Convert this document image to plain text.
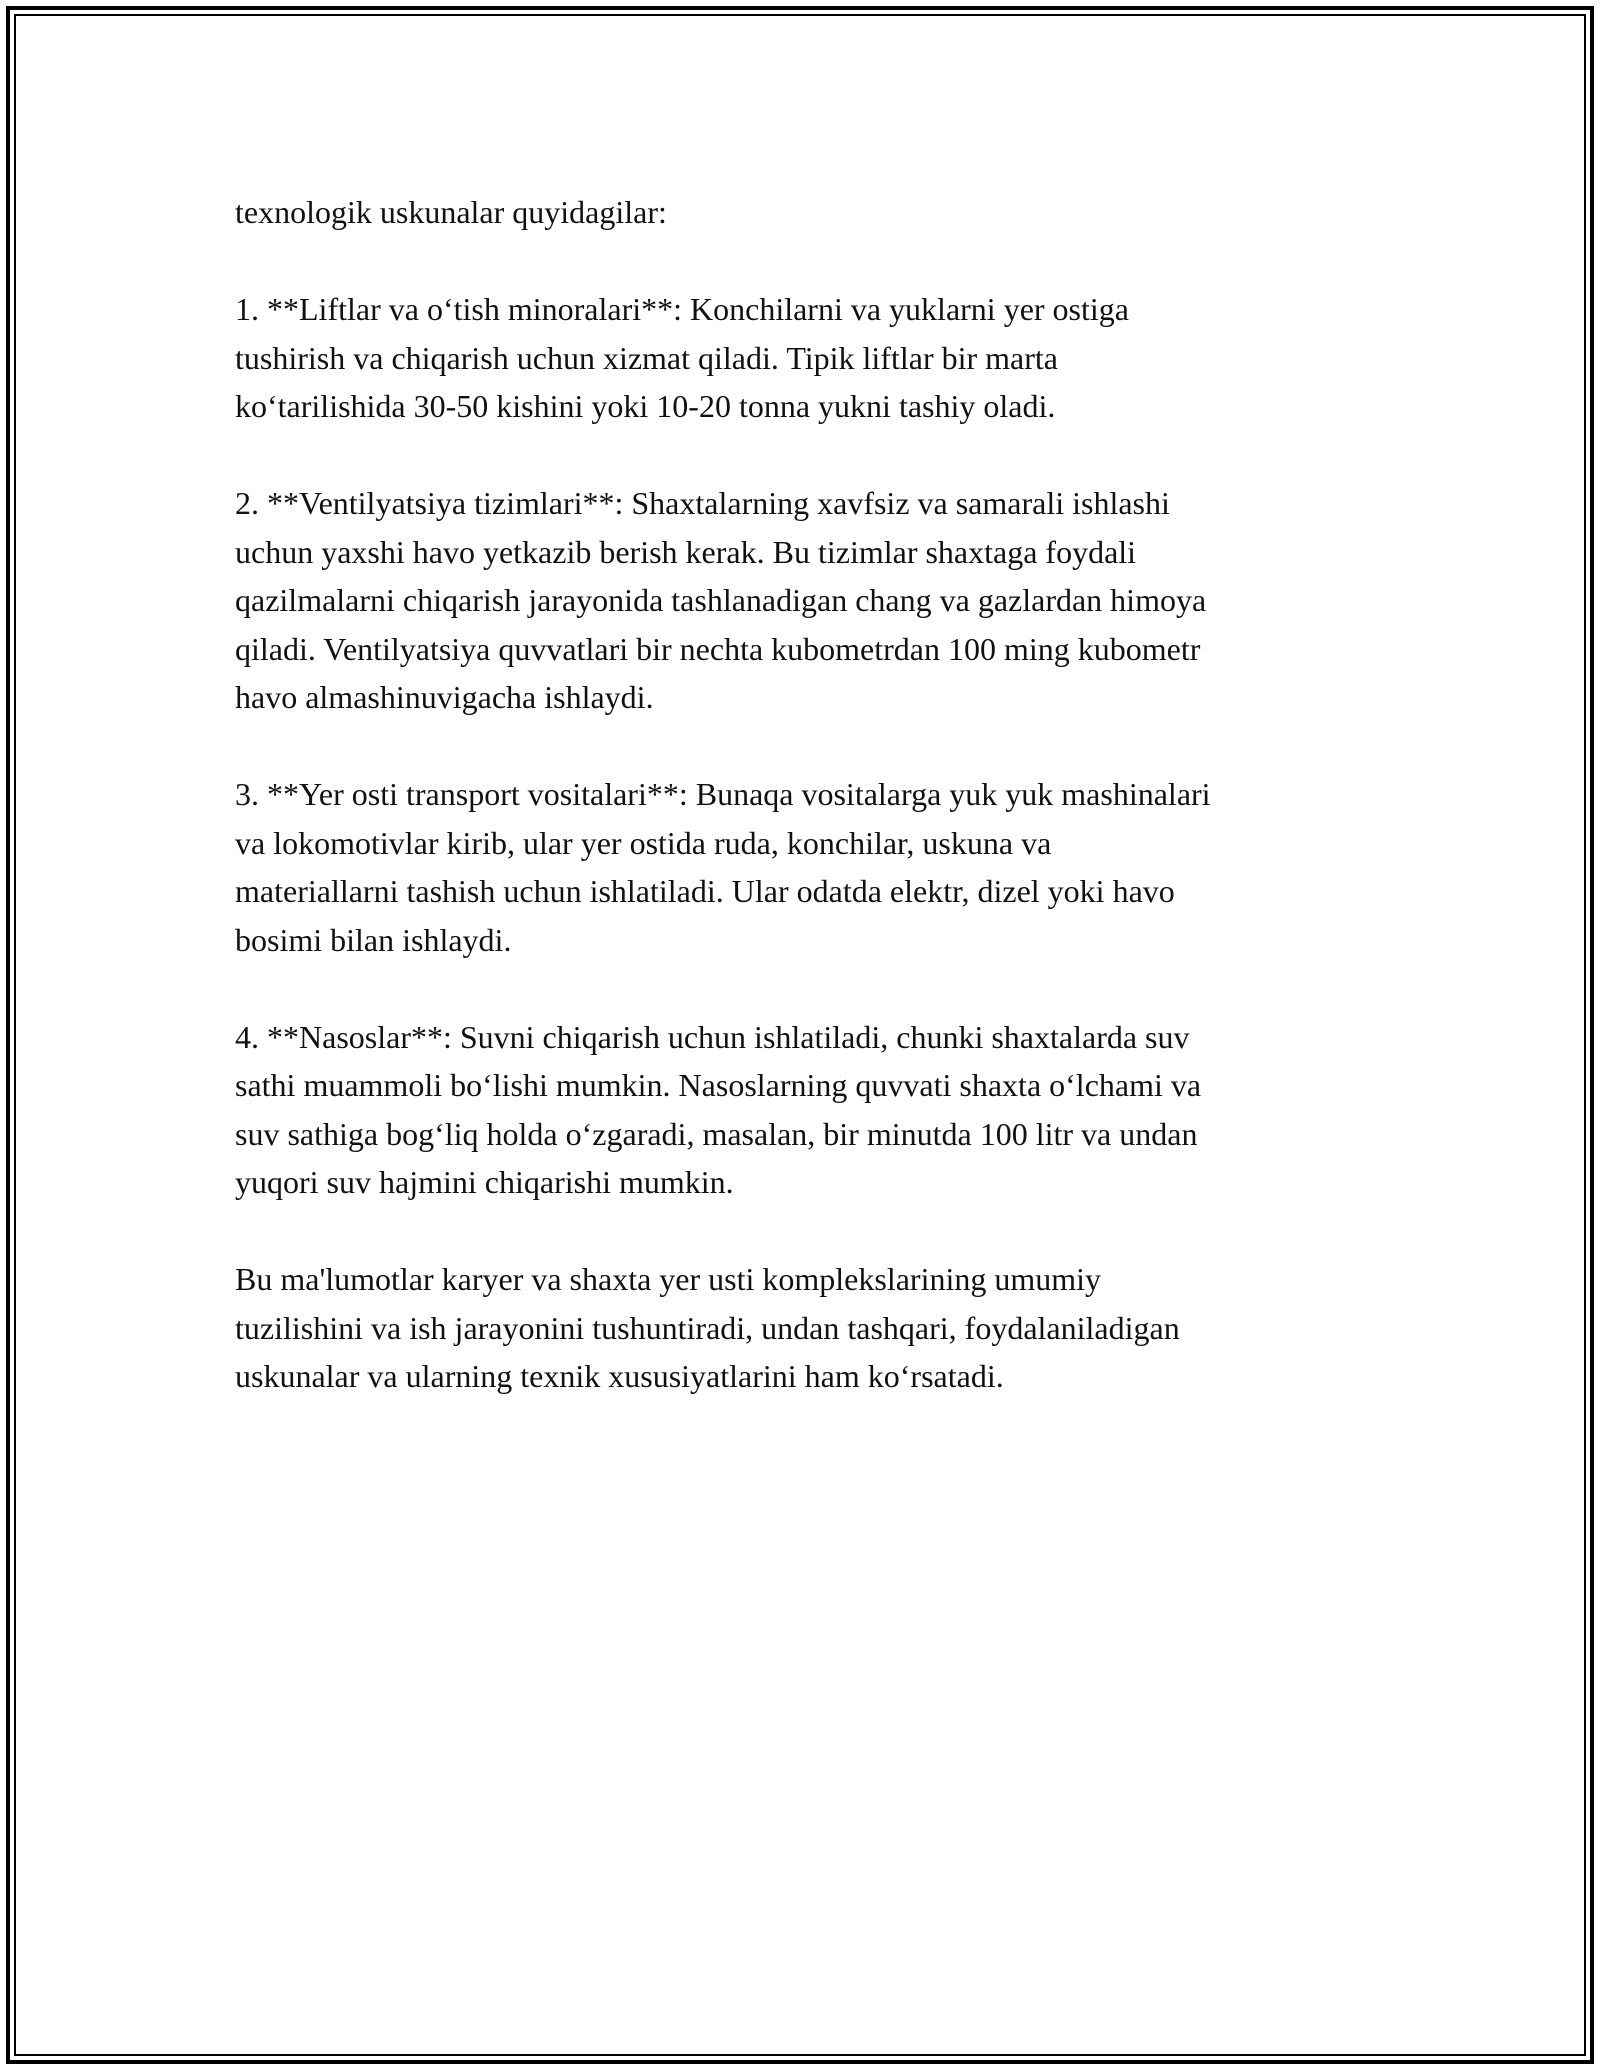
texnologik uskunalar quyidagilar:

1. **Liftlar va o‘tish minoralari**: Konchilarni va yuklarni yer ostiga
tushirish va chiqarish uchun xizmat qiladi. Tipik liftlar bir marta
ko‘tarilishida 30-50 kishini yoki 10-20 tonna yukni tashiy oladi.

2. **Ventilyatsiya tizimlari**: Shaxtalarning xavfsiz va samarali ishlashi
uchun yaxshi havo yetkazib berish kerak. Bu tizimlar shaxtaga foydali
qazilmalarni chiqarish jarayonida tashlanadigan chang va gazlardan himoya
qiladi. Ventilyatsiya quvvatlari bir nechta kubometrdan 100 ming kubometr
havo almashinuvigacha ishlaydi.

3. **Yer osti transport vositalari**: Bunaqa vositalarga yuk yuk mashinalari
va lokomotivlar kirib, ular yer ostida ruda, konchilar, uskuna va
materiallarni tashish uchun ishlatiladi. Ular odatda elektr, dizel yoki havo
bosimi bilan ishlaydi.

4. **Nasoslar**: Suvni chiqarish uchun ishlatiladi, chunki shaxtalarda suv
sathi muammoli bo‘lishi mumkin. Nasoslarning quvvati shaxta o‘lchami va
suv sathiga bog‘liq holda o‘zgaradi, masalan, bir minutda 100 litr va undan
yuqori suv hajmini chiqarishi mumkin.

Bu ma'lumotlar karyer va shaxta yer usti komplekslarining umumiy
tuzilishini va ish jarayonini tushuntiradi, undan tashqari, foydalaniladigan
uskunalar va ularning texnik xususiyatlarini ham ko‘rsatadi.
